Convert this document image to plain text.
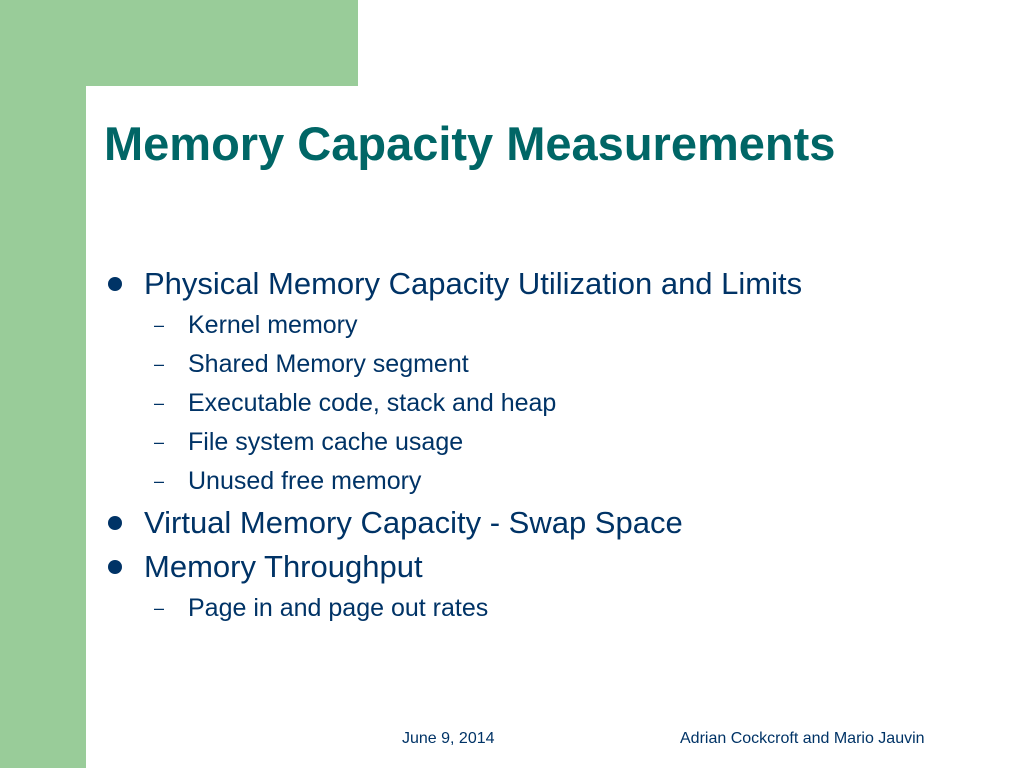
Memory Capacity Measurements
Physical Memory Capacity Utilization and Limits
– Kernel memory
– Shared Memory segment
– Executable code, stack and heap
– File system cache usage
– Unused free memory
Virtual Memory Capacity - Swap Space
Memory Throughput
– Page in and page out rates
June 9, 2014	Adrian Cockcroft and Mario Jauvin
